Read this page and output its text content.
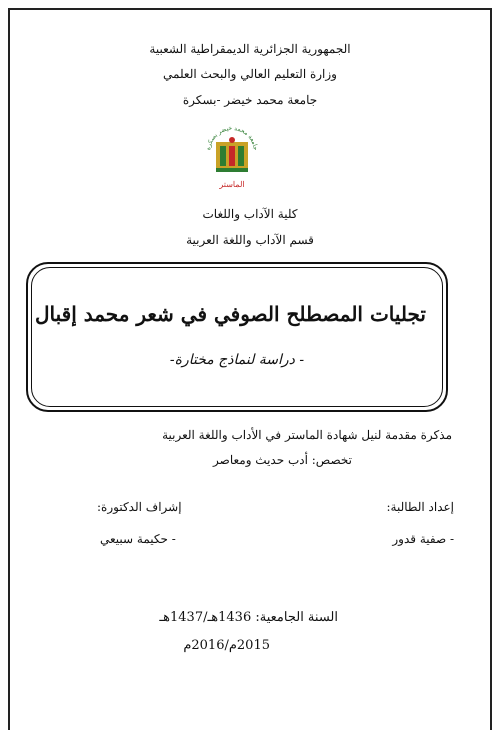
الجمهورية الجزائرية الديمقراطية الشعبية
وزارة التعليم العالي والبحث العلمي
جامعة محمد خيضر -بسكرة
جامعة محمد خيضر بسكرة
الماستر
كلية الآداب واللغات
قسم الآداب واللغة العربية
تجليات المصطلح الصوفي في شعر محمد إقبال
- دراسة لنماذج مختارة-
مذكرة مقدمة لنيل شهادة الماستر في الأداب واللغة العربية
تخصص: أدب حديث ومعاصر
إعداد الطالبة:
إشراف الدكتورة:
- صفية قدور
- حكيمة سبيعي
السنة الجامعية: 1436هـ/1437هـ
2015م/2016م
